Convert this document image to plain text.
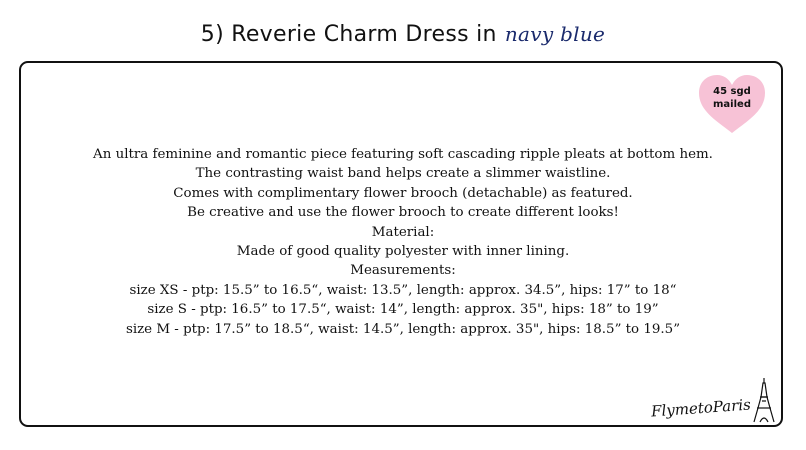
5) Reverie Charm Dress in navy blue
45 sgd
mailed
An ultra feminine and romantic piece featuring soft cascading ripple pleats at bottom hem.
The contrasting waist band helps create a slimmer waistline.
Comes with complimentary flower brooch (detachable) as featured.
Be creative and use the flower brooch to create different looks!
Material:
Made of good quality polyester with inner lining.
Measurements:
size XS - ptp: 15.5” to 16.5“, waist: 13.5”, length: approx. 34.5”, hips: 17” to 18“
size S - ptp: 16.5” to 17.5“, waist: 14”, length: approx. 35", hips: 18” to 19”
size M - ptp: 17.5” to 18.5“, waist: 14.5”, length: approx. 35", hips: 18.5” to 19.5”
FlymetoParis
